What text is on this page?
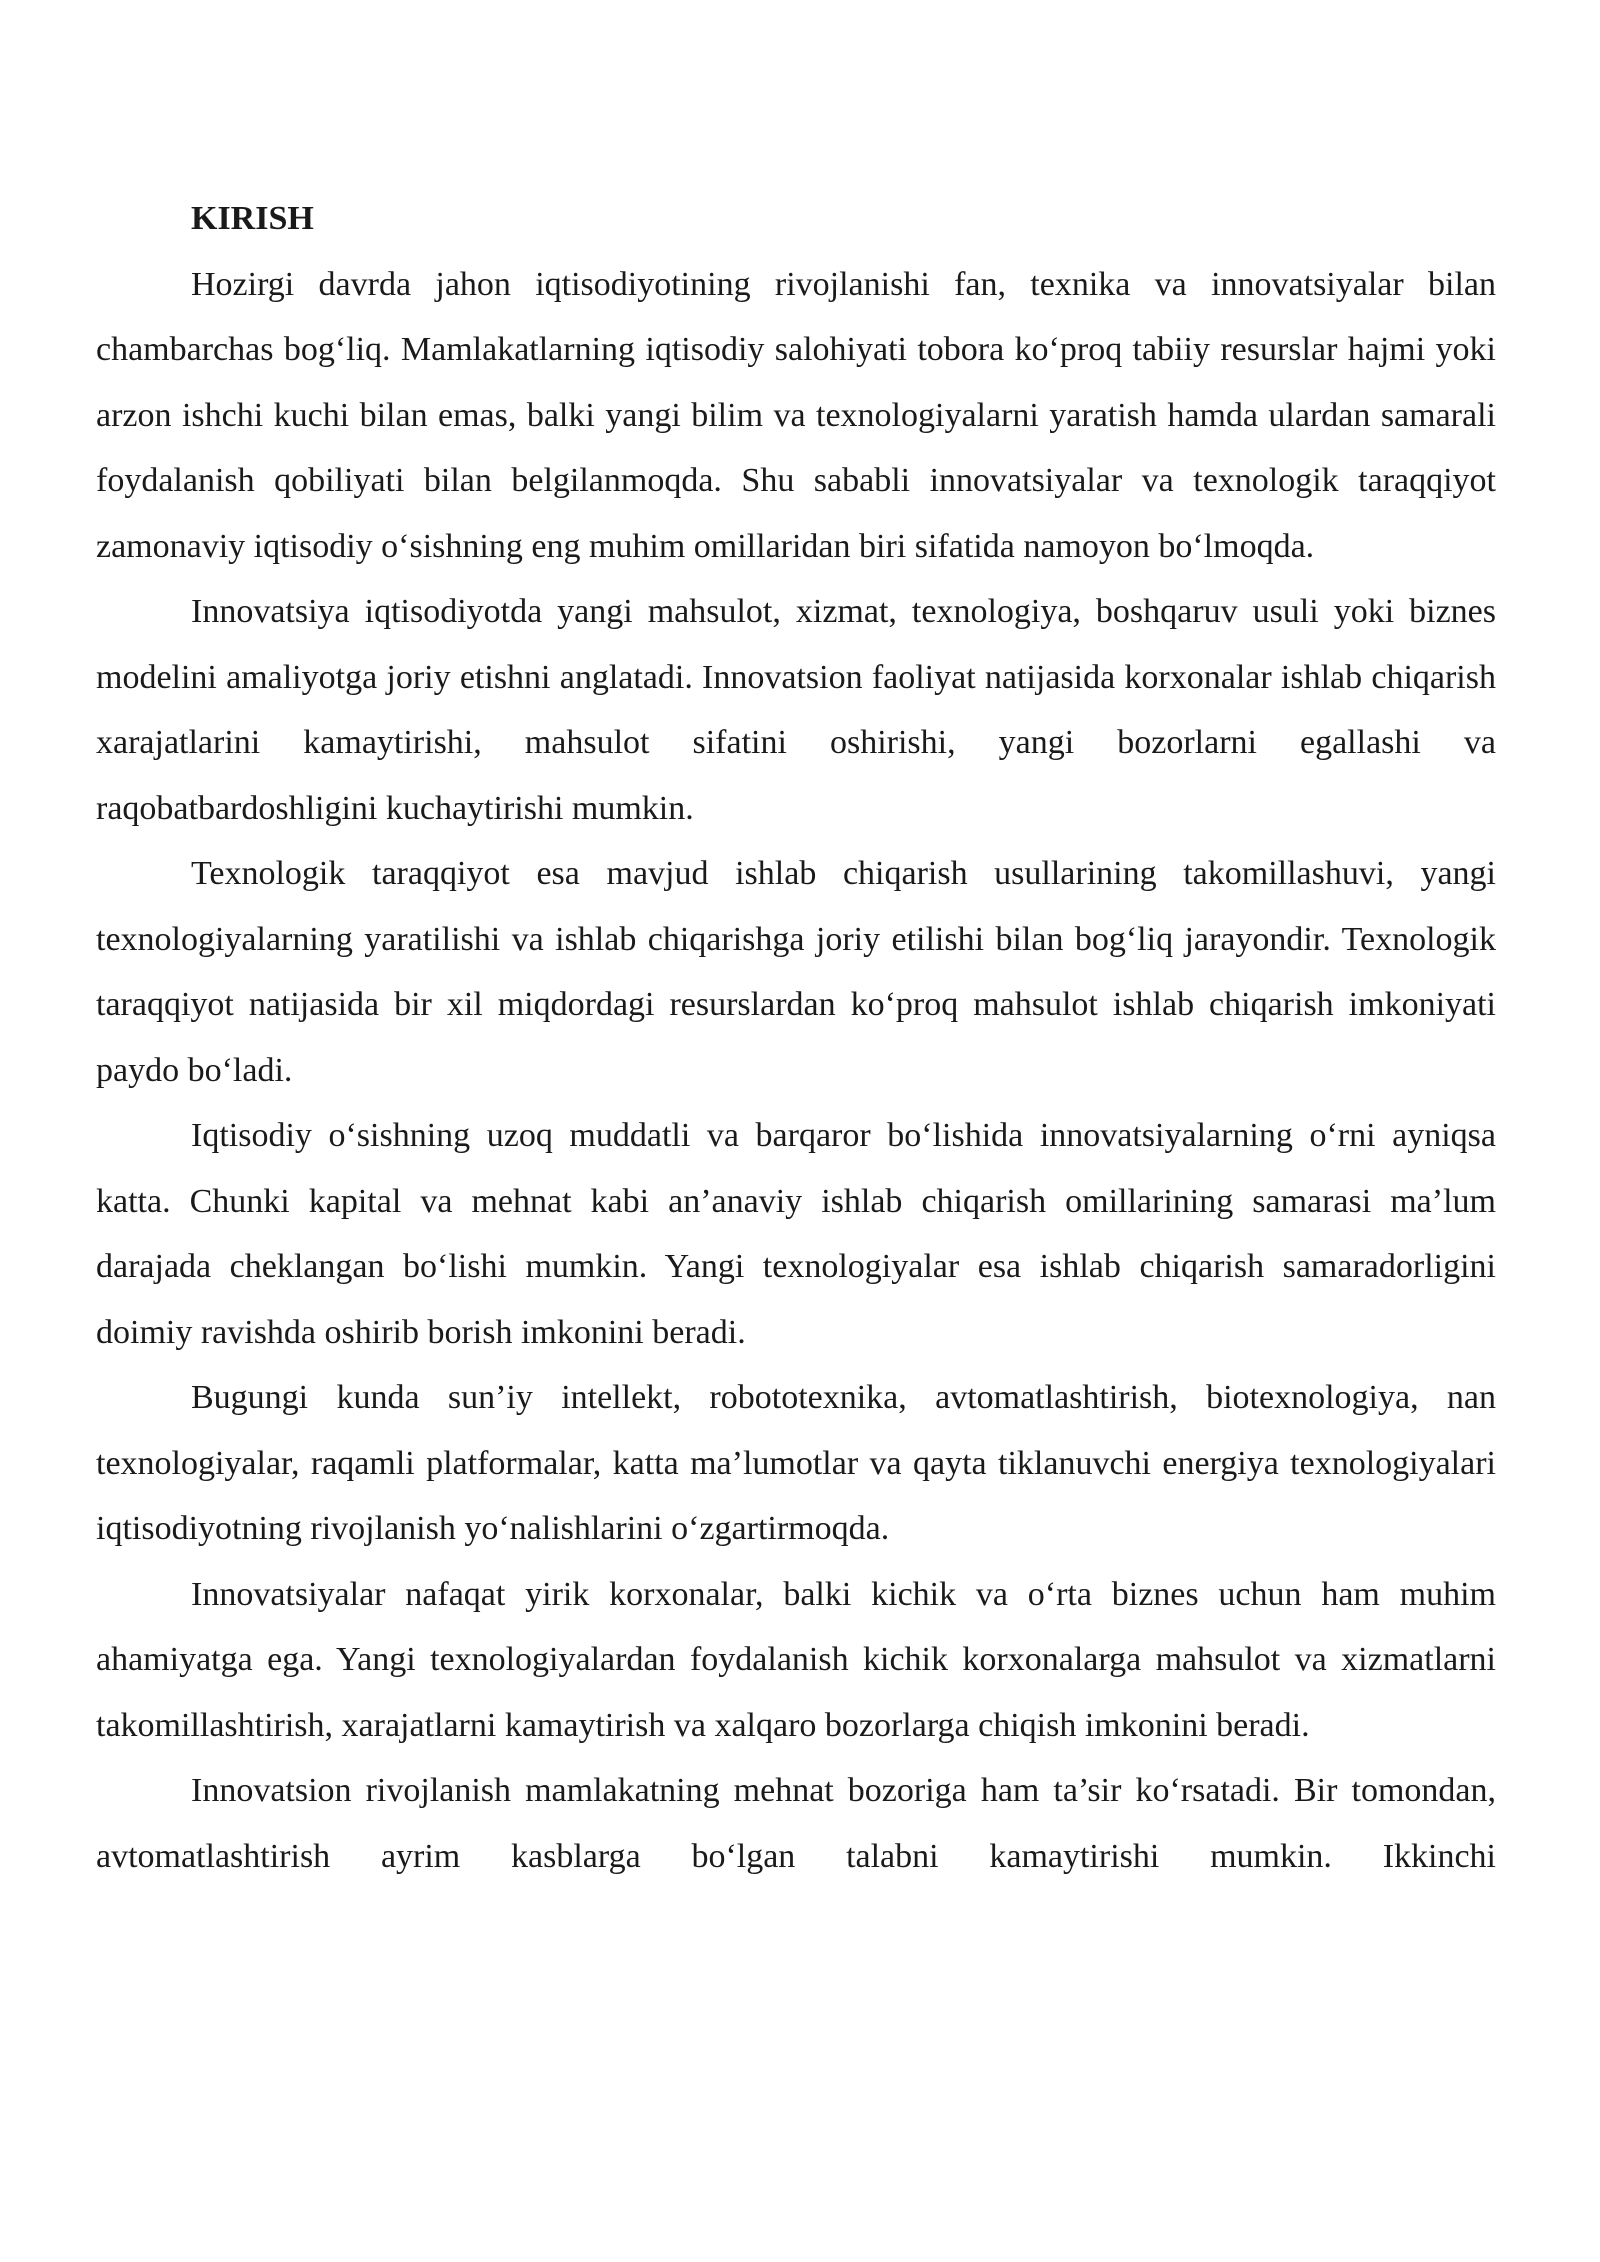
KIRISH

Hozirgi davrda jahon iqtisodiyotining rivojlanishi fan, texnika va innovatsiyalar bilan chambarchas bog‘liq. Mamlakatlarning iqtisodiy salohiyati tobora ko‘proq tabiiy resurslar hajmi yoki arzon ishchi kuchi bilan emas, balki yangi bilim va texnologiyalarni yaratish hamda ulardan samarali foydalanish qobiliyati bilan belgilanmoqda. Shu sababli innovatsiyalar va texnologik taraqqiyot zamonaviy iqtisodiy o‘sishning eng muhim omillaridan biri sifatida namoyon bo‘lmoqda.

Innovatsiya iqtisodiyotda yangi mahsulot, xizmat, texnologiya, boshqaruv usuli yoki biznes modelini amaliyotga joriy etishni anglatadi. Innovatsion faoliyat natijasida korxonalar ishlab chiqarish xarajatlarini kamaytirishi, mahsulot sifatini oshirishi, yangi bozorlarni egallashi va raqobatbardoshligini kuchaytirishi mumkin.

Texnologik taraqqiyot esa mavjud ishlab chiqarish usullarining takomillashuvi, yangi texnologiyalarning yaratilishi va ishlab chiqarishga joriy etilishi bilan bog‘liq jarayondir. Texnologik taraqqiyot natijasida bir xil miqdordagi resurslardan ko‘proq mahsulot ishlab chiqarish imkoniyati paydo bo‘ladi.

Iqtisodiy o‘sishning uzoq muddatli va barqaror bo‘lishida innovatsiyalarning o‘rni ayniqsa katta. Chunki kapital va mehnat kabi an’anaviy ishlab chiqarish omillarining samarasi ma’lum darajada cheklangan bo‘lishi mumkin. Yangi texnologiyalar esa ishlab chiqarish samaradorligini doimiy ravishda oshirib borish imkonini beradi.

Bugungi kunda sun’iy intellekt, robototexnika, avtomatlashtirish, biotexnologiya, nan texnologiyalar, raqamli platformalar, katta ma’lumotlar va qayta tiklanuvchi energiya texnologiyalari iqtisodiyotning rivojlanish yo‘nalishlarini o‘zgartirmoqda.

Innovatsiyalar nafaqat yirik korxonalar, balki kichik va o‘rta biznes uchun ham muhim ahamiyatga ega. Yangi texnologiyalardan foydalanish kichik korxonalarga mahsulot va xizmatlarni takomillashtirish, xarajatlarni kamaytirish va xalqaro bozorlarga chiqish imkonini beradi.

Innovatsion rivojlanish mamlakatning mehnat bozoriga ham ta’sir ko‘rsatadi. Bir tomondan, avtomatlashtirish ayrim kasblarga bo‘lgan talabni kamaytirishi mumkin. Ikkinchi
